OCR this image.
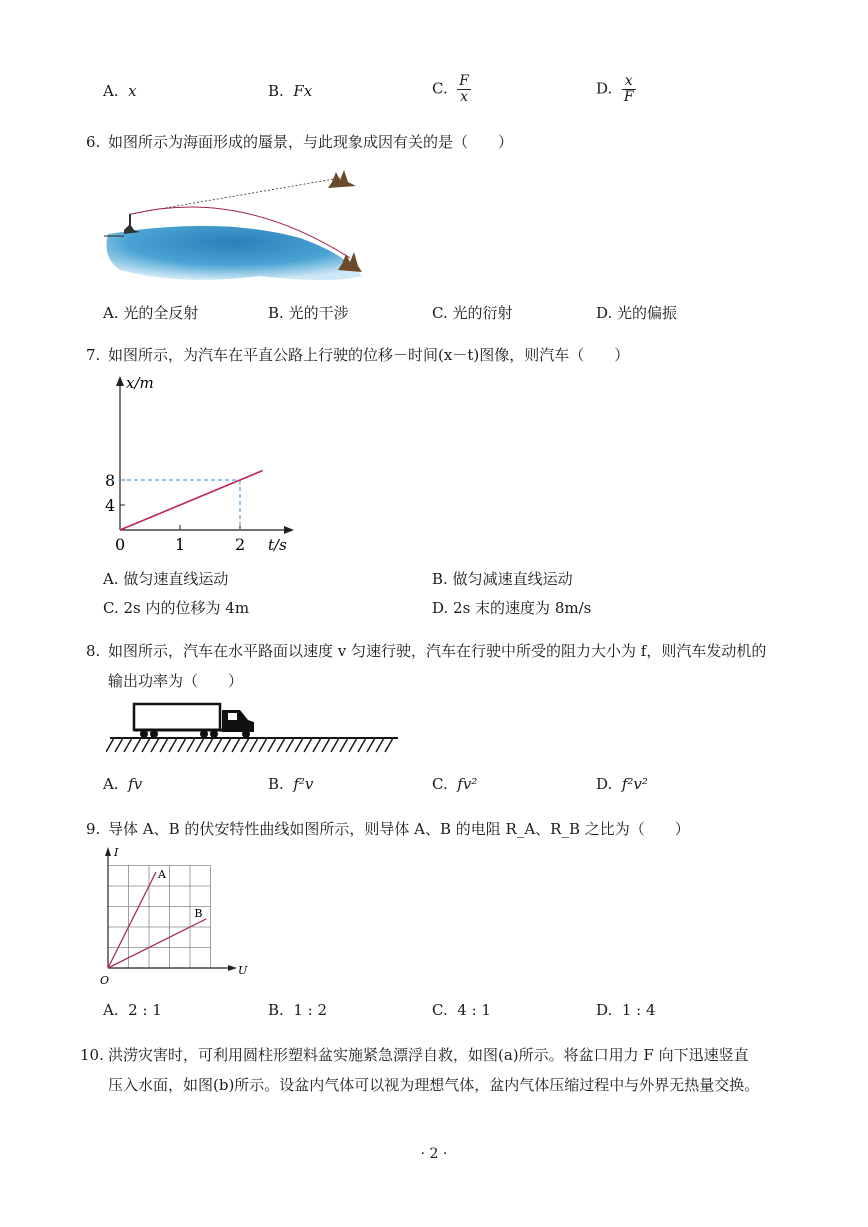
A. x	B. Fx	C. $\frac{F}{x}$	D. $\frac{x}{F}$
6. 如图所示为海面形成的蜃景，与此现象成因有关的是（　　）
A. 光的全反射	B. 光的干涉	C. 光的衍射	D. 光的偏振
7. 如图所示，为汽车在平直公路上行驶的位移－时间(x－t)图像，则汽车（　　）
x/m
t/s
0	1	2
4
8
A. 做匀速直线运动	B. 做匀减速直线运动
C. 2s 内的位移为 4m	D. 2s 末的速度为 8m/s
8. 如图所示，汽车在水平路面以速度 v 匀速行驶，汽车在行驶中所受的阻力大小为 f，则汽车发动机的
输出功率为（　　）
A. fv	B. f²v	C. fv²	D. f²v²
9. 导体 A、B 的伏安特性曲线如图所示，则导体 A、B 的电阻 R_A、R_B 之比为（　　）
I
U
O
A
B
A. 2 : 1	B. 1 : 2	C. 4 : 1	D. 1 : 4
10. 洪涝灾害时，可利用圆柱形塑料盆实施紧急漂浮自救，如图(a)所示。将盆口用力 F 向下迅速竖直
压入水面，如图(b)所示。设盆内气体可以视为理想气体，盆内气体压缩过程中与外界无热量交换。
· 2 ·
